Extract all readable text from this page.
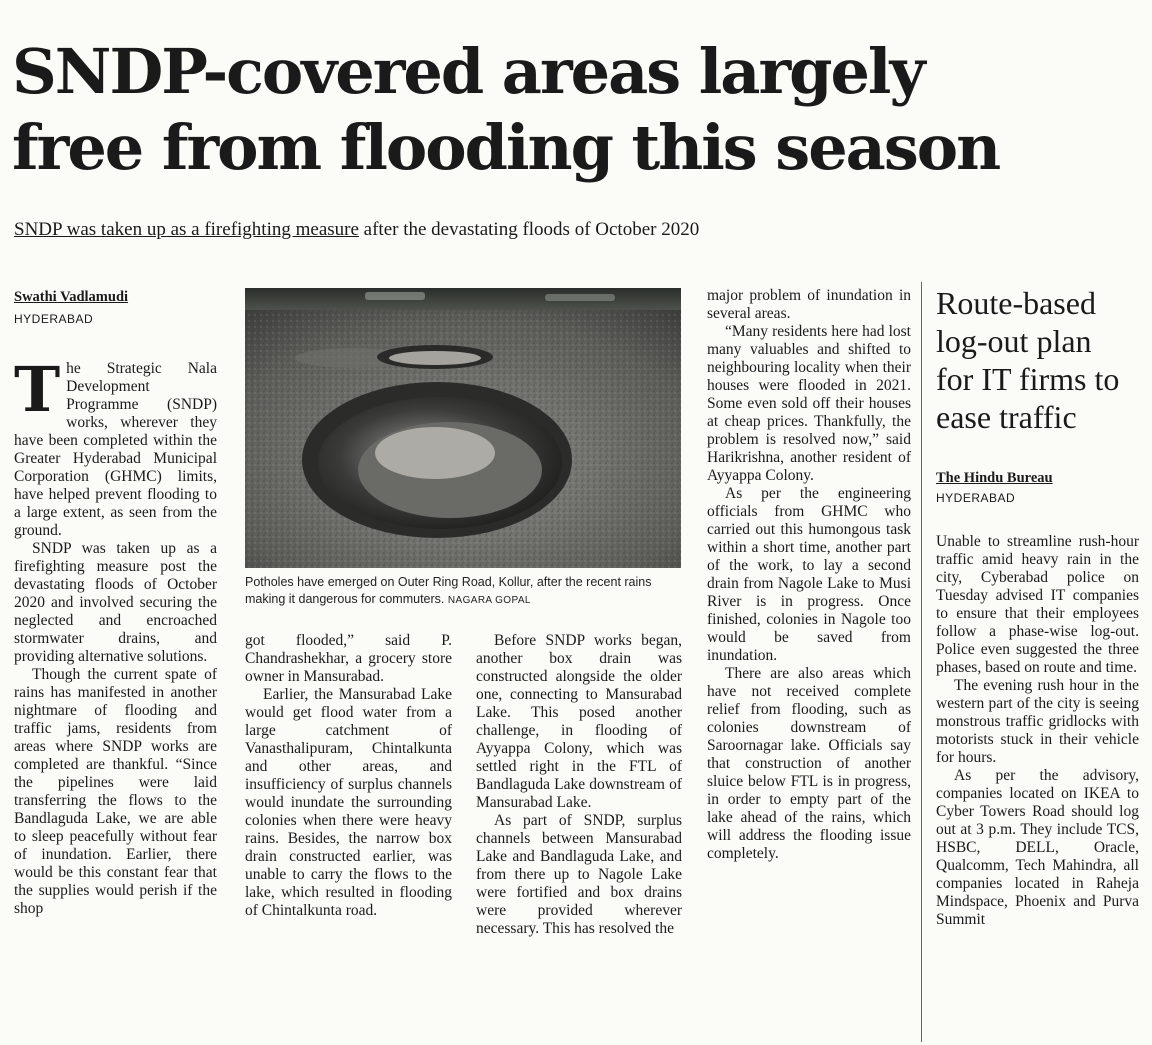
SNDP-covered areas largely
free from flooding this season
SNDP was taken up as a firefighting measure after the devastating floods of October 2020
Swathi Vadlamudi
HYDERABAD

The Strategic Nala Development Programme (SNDP) works, wherever they have been completed within the Greater Hyderabad Municipal Corporation (GHMC) limits, have helped prevent flooding to a large extent, as seen from the ground.

SNDP was taken up as a firefighting measure post the devastating floods of October 2020 and involved securing the neglected and encroached stormwater drains, and providing alternative solutions.

Though the current spate of rains has manifested in another nightmare of flooding and traffic jams, residents from areas where SNDP works are completed are thankful. “Since the pipelines were laid transferring the flows to the Bandlaguda Lake, we are able to sleep peacefully without fear of inundation. Earlier, there would be this constant fear that the supplies would perish if the shop

Potholes have emerged on Outer Ring Road, Kollur, after the recent rains making it dangerous for commuters. NAGARA GOPAL

got flooded,” said P. Chandrashekhar, a grocery store owner in Mansurabad.

Earlier, the Mansurabad Lake would get flood water from a large catchment of Vanasthalipuram, Chintalkunta and other areas, and insufficiency of surplus channels would inundate the surrounding colonies when there were heavy rains. Besides, the narrow box drain constructed earlier, was unable to carry the flows to the lake, which resulted in flooding of Chintalkunta road.

Before SNDP works began, another box drain was constructed alongside the older one, connecting to Mansurabad Lake. This posed another challenge, in flooding of Ayyappa Colony, which was settled right in the FTL of Bandlaguda Lake downstream of Mansurabad Lake.

As part of SNDP, surplus channels between Mansurabad Lake and Bandlaguda Lake, and from there up to Nagole Lake were fortified and box drains were provided wherever necessary. This has resolved the

major problem of inundation in several areas.

“Many residents here had lost many valuables and shifted to neighbouring locality when their houses were flooded in 2021. Some even sold off their houses at cheap prices. Thankfully, the problem is resolved now,” said Harikrishna, another resident of Ayyappa Colony.

As per the engineering officials from GHMC who carried out this humongous task within a short time, another part of the work, to lay a second drain from Nagole Lake to Musi River is in progress. Once finished, colonies in Nagole too would be saved from inundation.

There are also areas which have not received complete relief from flooding, such as colonies downstream of Saroornagar lake. Officials say that construction of another sluice below FTL is in progress, in order to empty part of the lake ahead of the rains, which will address the flooding issue completely.

Route-based log-out plan for IT firms to ease traffic
The Hindu Bureau
HYDERABAD

Unable to streamline rush-hour traffic amid heavy rain in the city, Cyberabad police on Tuesday advised IT companies to ensure that their employees follow a phase-wise log-out. Police even suggested the three phases, based on route and time.

The evening rush hour in the western part of the city is seeing monstrous traffic gridlocks with motorists stuck in their vehicle for hours.

As per the advisory, companies located on IKEA to Cyber Towers Road should log out at 3 p.m. They include TCS, HSBC, DELL, Oracle, Qualcomm, Tech Mahindra, all companies located in Raheja Mindspace, Phoenix and Purva Summit
